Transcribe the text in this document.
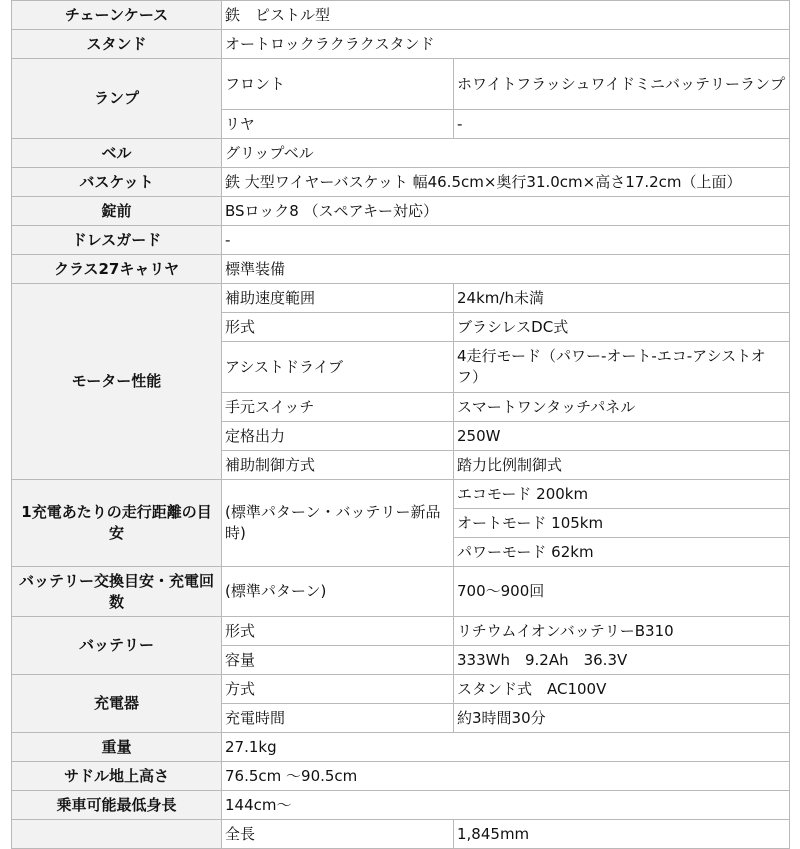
チェーンケース	鉄　ピストル型	
スタンド	オートロックラクラクスタンド	
ランプ	フロント	ホワイトフラッシュワイドミニバッテリーランプ
	リヤ	-
ベル	グリップベル	
バスケット	鉄 大型ワイヤーバスケット 幅46.5cm×奥行31.0cm×高さ17.2cm（上面）	
錠前	BSロック8 （スペアキー対応）	
ドレスガード	-	
クラス27キャリヤ	標準装備	
モーター性能	補助速度範囲	24km/h未満
	形式	ブラシレスDC式
	アシストドライブ	4走行モード（パワー-オート-エコ-アシストオフ）
	手元スイッチ	スマートワンタッチパネル
	定格出力	250W
	補助制御方式	踏力比例制御式
1充電あたりの走行距離の目安	(標準パターン・バッテリー新品時)	エコモード 200km
		オートモード 105km
		パワーモード 62km
バッテリー交換目安・充電回数	(標準パターン)	700〜900回
バッテリー	形式	リチウムイオンバッテリーB310
	容量	333Wh　9.2Ah　36.3V
充電器	方式	スタンド式　AC100V
	充電時間	約3時間30分
重量	27.1kg	
サドル地上高さ	76.5cm 〜90.5cm	
乗車可能最低身長	144cm〜	
	全長	1,845mm
